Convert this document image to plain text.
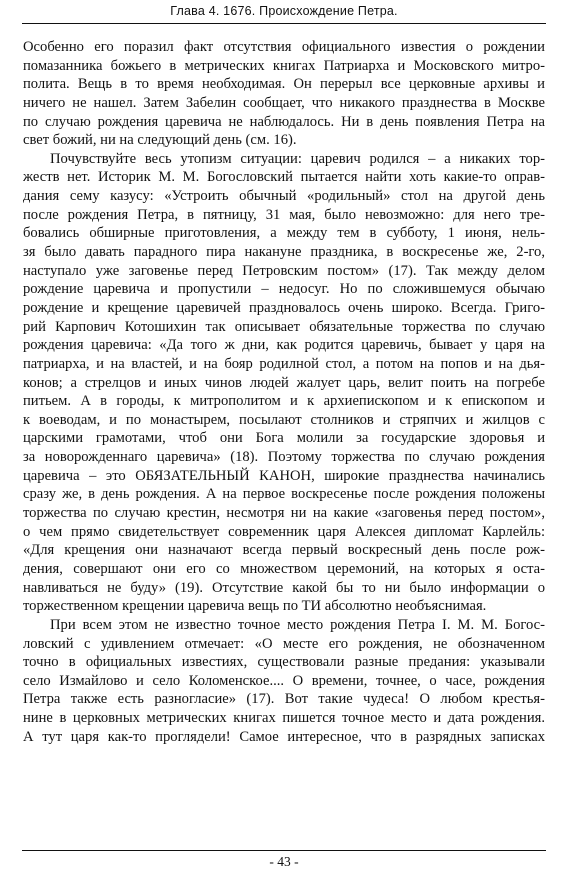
Глава 4. 1676. Происхождение Петра.
Особенно его поразил факт отсутствия официального известия о рождении
помазанника божьего в метрических книгах Патриарха и Московского митро-
полита. Вещь в то время необходимая. Он перерыл все церковные архивы и
ничего не нашел. Затем Забелин сообщает, что никакого празднества в Москве
по случаю рождения царевича не наблюдалось. Ни в день появления Петра на
свет божий, ни на следующий день (см. 16).
Почувствуйте весь утопизм ситуации: царевич родился – а никаких тор-
жеств нет. Историк М. М. Богословский пытается найти хоть какие-то оправ-
дания сему казусу: «Устроить обычный «родильный» стол на другой день
после рождения Петра, в пятницу, 31 мая, было невозможно: для него тре-
бовались обширные приготовления, а между тем в субботу, 1 июня, нель-
зя было давать парадного пира накануне праздника, в воскресенье же, 2-го,
наступало уже заговенье перед Петровским постом» (17). Так между делом
рождение царевича и пропустили – недосуг. Но по сложившемуся обычаю
рождение и крещение царевичей праздновалось очень широко. Всегда. Григо-
рий Карпович Котошихин так описывает обязательные торжества по случаю
рождения царевича: «Да того ж дни, как родится царевичь, бывает у царя на
патриарха, и на властей, и на бояр родилной стол, а потом на попов и на дья-
конов; а стрелцов и иных чинов людей жалует царь, велит поить на погребе
питьем. А в городы, к митрополитом и к архиепископом и к епископом и
к воеводам, и по монастырем, посылают столников и стряпчих и жилцов с
царскими грамотами, чтоб они Бога молили за государские здоровья и
за новорожденнаго царевича» (18). Поэтому торжества по случаю рождения
царевича – это ОБЯЗАТЕЛЬНЫЙ КАНОН, широкие празднества начинались
сразу же, в день рождения. А на первое воскресенье после рождения положены
торжества по случаю крестин, несмотря ни на какие «заговенья перед постом»,
о чем прямо свидетельствует современник царя Алексея дипломат Карлейль:
«Для крещения они назначают всегда первый воскресный день после рож-
дения, совершают они его со множеством церемоний, на которых я оста-
навливаться не буду» (19). Отсутствие какой бы то ни было информации о
торжественном крещении царевича вещь по ТИ абсолютно необъяснимая.
При всем этом не известно точное место рождения Петра I. М. М. Богос-
ловский с удивлением отмечает: «О месте его рождения, не обозначенном
точно в официальных известиях, существовали разные предания: указывали
село Измайлово и село Коломенское.... О времени, точнее, о часе, рождения
Петра также есть разногласие» (17). Вот такие чудеса! О любом крестья-
нине в церковных метрических книгах пишется точное место и дата рождения.
А тут царя как-то проглядели! Самое интересное, что в разрядных записках
- 43 -
